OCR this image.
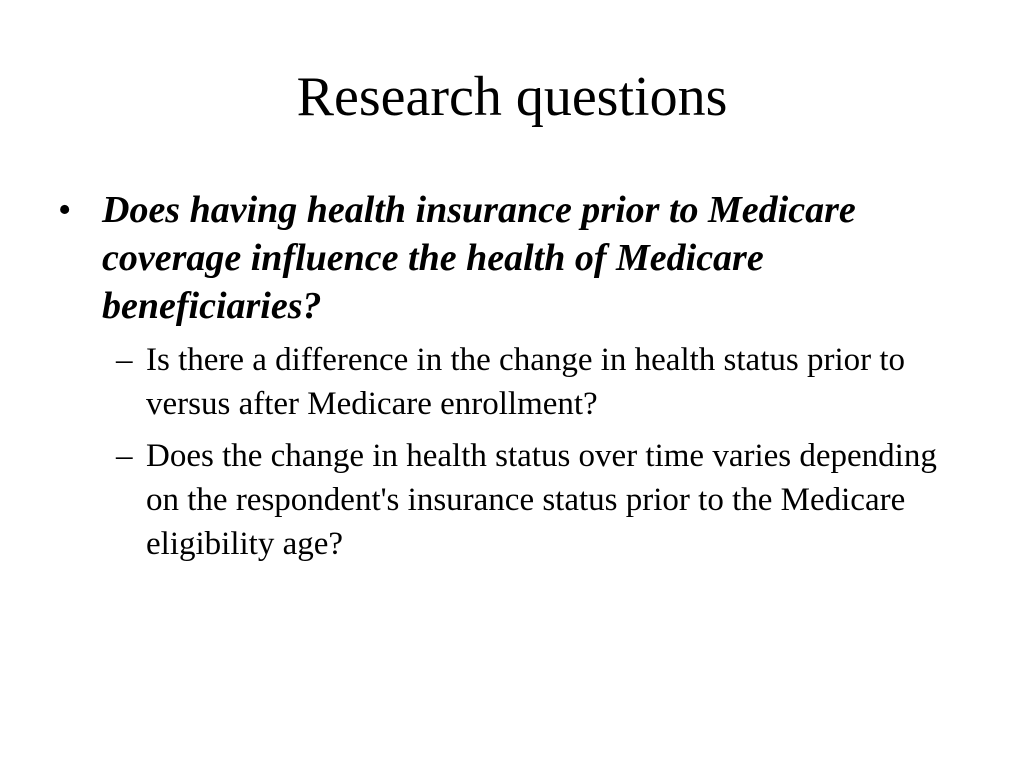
Research questions
• Does having health insurance prior to Medicare coverage influence the health of Medicare beneficiaries?
– Is there a difference in the change in health status prior to versus after Medicare enrollment?
– Does the change in health status over time varies depending on the respondent's insurance status prior to the Medicare eligibility age?
